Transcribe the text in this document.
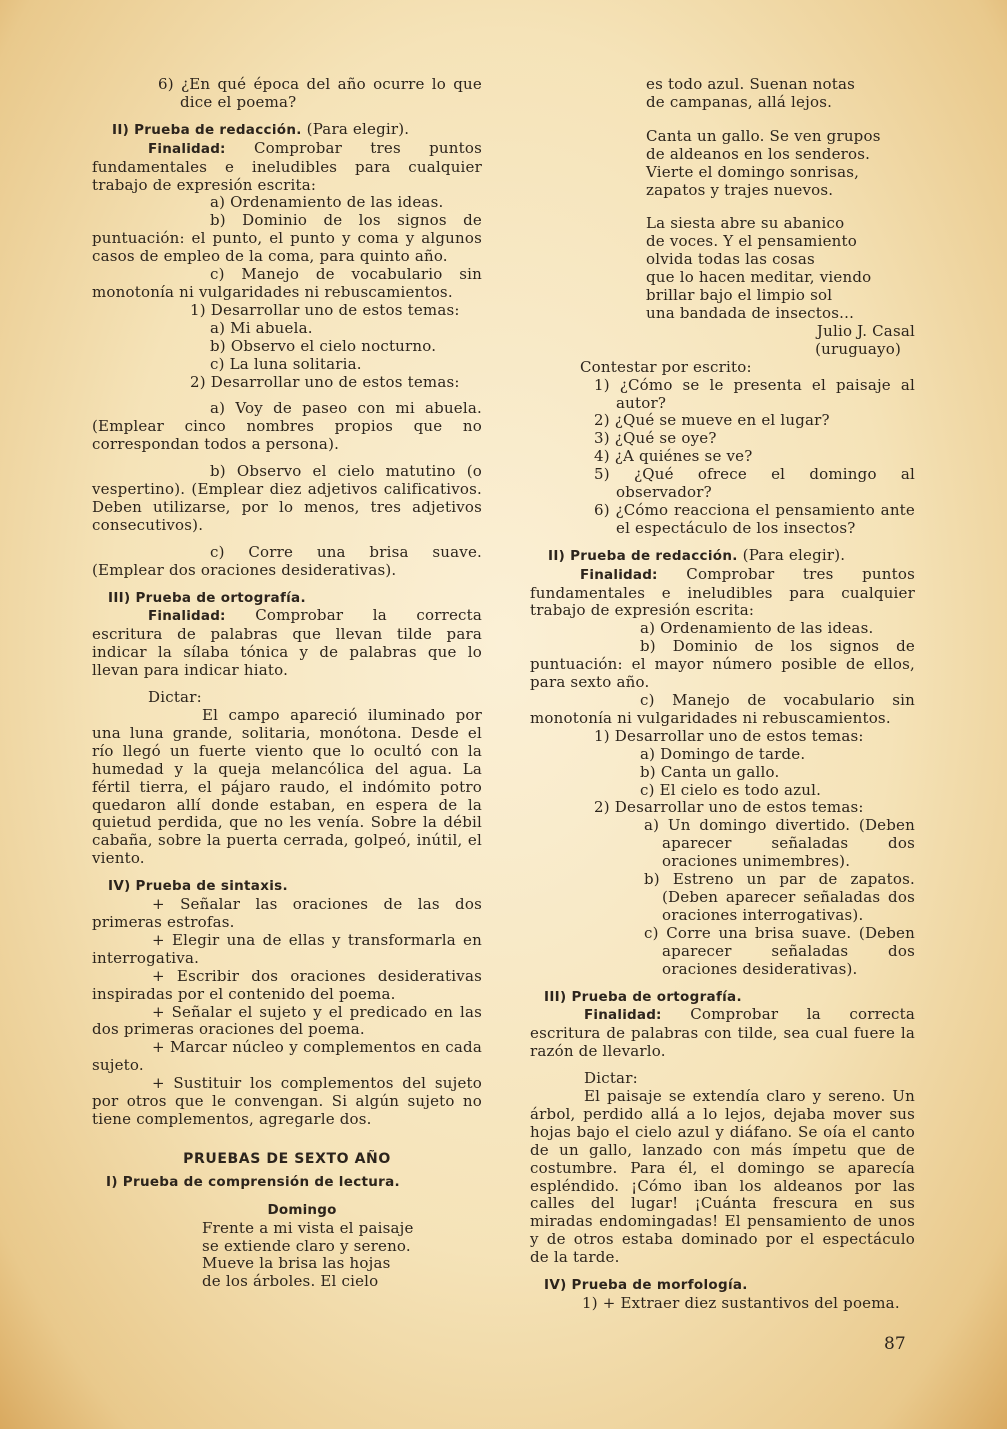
6) ¿En qué época del año ocurre lo que dice el poema?

II) Prueba de redacción. (Para elegir).

Finalidad: Comprobar tres puntos fundamentales e ineludibles para cualquier trabajo de expresión escrita:

a) Ordenamiento de las ideas.

b) Dominio de los signos de puntuación: el punto, el punto y coma y algunos casos de empleo de la coma, para quinto año.

c) Manejo de vocabulario sin monotonía ni vulgaridades ni rebuscamientos.

1) Desarrollar uno de estos temas:

a) Mi abuela.

b) Observo el cielo nocturno.

c) La luna solitaria.

2) Desarrollar uno de estos temas:

a) Voy de paseo con mi abuela. (Emplear cinco nombres propios que no correspondan todos a persona).

b) Observo el cielo matutino (o vespertino). (Emplear diez adjetivos calificativos. Deben utilizarse, por lo menos, tres adjetivos consecutivos).

c) Corre una brisa suave. (Emplear dos oraciones desiderativas).

III) Prueba de ortografía.

Finalidad: Comprobar la correcta escritura de palabras que llevan tilde para indicar la sílaba tónica y de palabras que lo llevan para indicar hiato.

Dictar:

El campo apareció iluminado por una luna grande, solitaria, monótona. Desde el río llegó un fuerte viento que lo ocultó con la humedad y la queja melancólica del agua. La fértil tierra, el pájaro raudo, el indómito potro quedaron allí donde estaban, en espera de la quietud perdida, que no les venía. Sobre la débil cabaña, sobre la puerta cerrada, golpeó, inútil, el viento.

IV) Prueba de sintaxis.

+ Señalar las oraciones de las dos primeras estrofas.

+ Elegir una de ellas y transformarla en interrogativa.

+ Escribir dos oraciones desiderativas inspiradas por el contenido del poema.

+ Señalar el sujeto y el predicado en las dos primeras oraciones del poema.

+ Marcar núcleo y complementos en cada sujeto.

+ Sustituir los complementos del sujeto por otros que le convengan. Si algún sujeto no tiene complementos, agregarle dos.

PRUEBAS DE SEXTO AÑO

I) Prueba de comprensión de lectura.

Domingo

Frente a mi vista el paisaje

se extiende claro y sereno.

Mueve la brisa las hojas

de los árboles. El cielo

es todo azul. Suenan notas

de campanas, allá lejos.

Canta un gallo. Se ven grupos

de aldeanos en los senderos.

Vierte el domingo sonrisas,

zapatos y trajes nuevos.

La siesta abre su abanico

de voces. Y el pensamiento

olvida todas las cosas

que lo hacen meditar, viendo

brillar bajo el limpio sol

una bandada de insectos...

Julio J. Casal

(uruguayo)

Contestar por escrito:

1) ¿Cómo se le presenta el paisaje al autor?

2) ¿Qué se mueve en el lugar?

3) ¿Qué se oye?

4) ¿A quiénes se ve?

5) ¿Qué ofrece el domingo al observador?

6) ¿Cómo reacciona el pensamiento ante el espectáculo de los insectos?

II) Prueba de redacción. (Para elegir).

Finalidad: Comprobar tres puntos fundamentales e ineludibles para cualquier trabajo de expresión escrita:

a) Ordenamiento de las ideas.

b) Dominio de los signos de puntuación: el mayor número posible de ellos, para sexto año.

c) Manejo de vocabulario sin monotonía ni vulgaridades ni rebuscamientos.

1) Desarrollar uno de estos temas:

a) Domingo de tarde.

b) Canta un gallo.

c) El cielo es todo azul.

2) Desarrollar uno de estos temas:

a) Un domingo divertido. (Deben aparecer señaladas dos oraciones unimembres).

b) Estreno un par de zapatos. (Deben aparecer señaladas dos oraciones interrogativas).

c) Corre una brisa suave. (Deben aparecer señaladas dos oraciones desiderativas).

III) Prueba de ortografía.

Finalidad: Comprobar la correcta escritura de palabras con tilde, sea cual fuere la razón de llevarlo.

Dictar:

El paisaje se extendía claro y sereno. Un árbol, perdido allá a lo lejos, dejaba mover sus hojas bajo el cielo azul y diáfano. Se oía el canto de un gallo, lanzado con más ímpetu que de costumbre. Para él, el domingo se aparecía espléndido. ¡Cómo iban los aldeanos por las calles del lugar! ¡Cuánta frescura en sus miradas endomingadas! El pensamiento de unos y de otros estaba dominado por el espectáculo de la tarde.

IV) Prueba de morfología.

1) + Extraer diez sustantivos del poema.

87
